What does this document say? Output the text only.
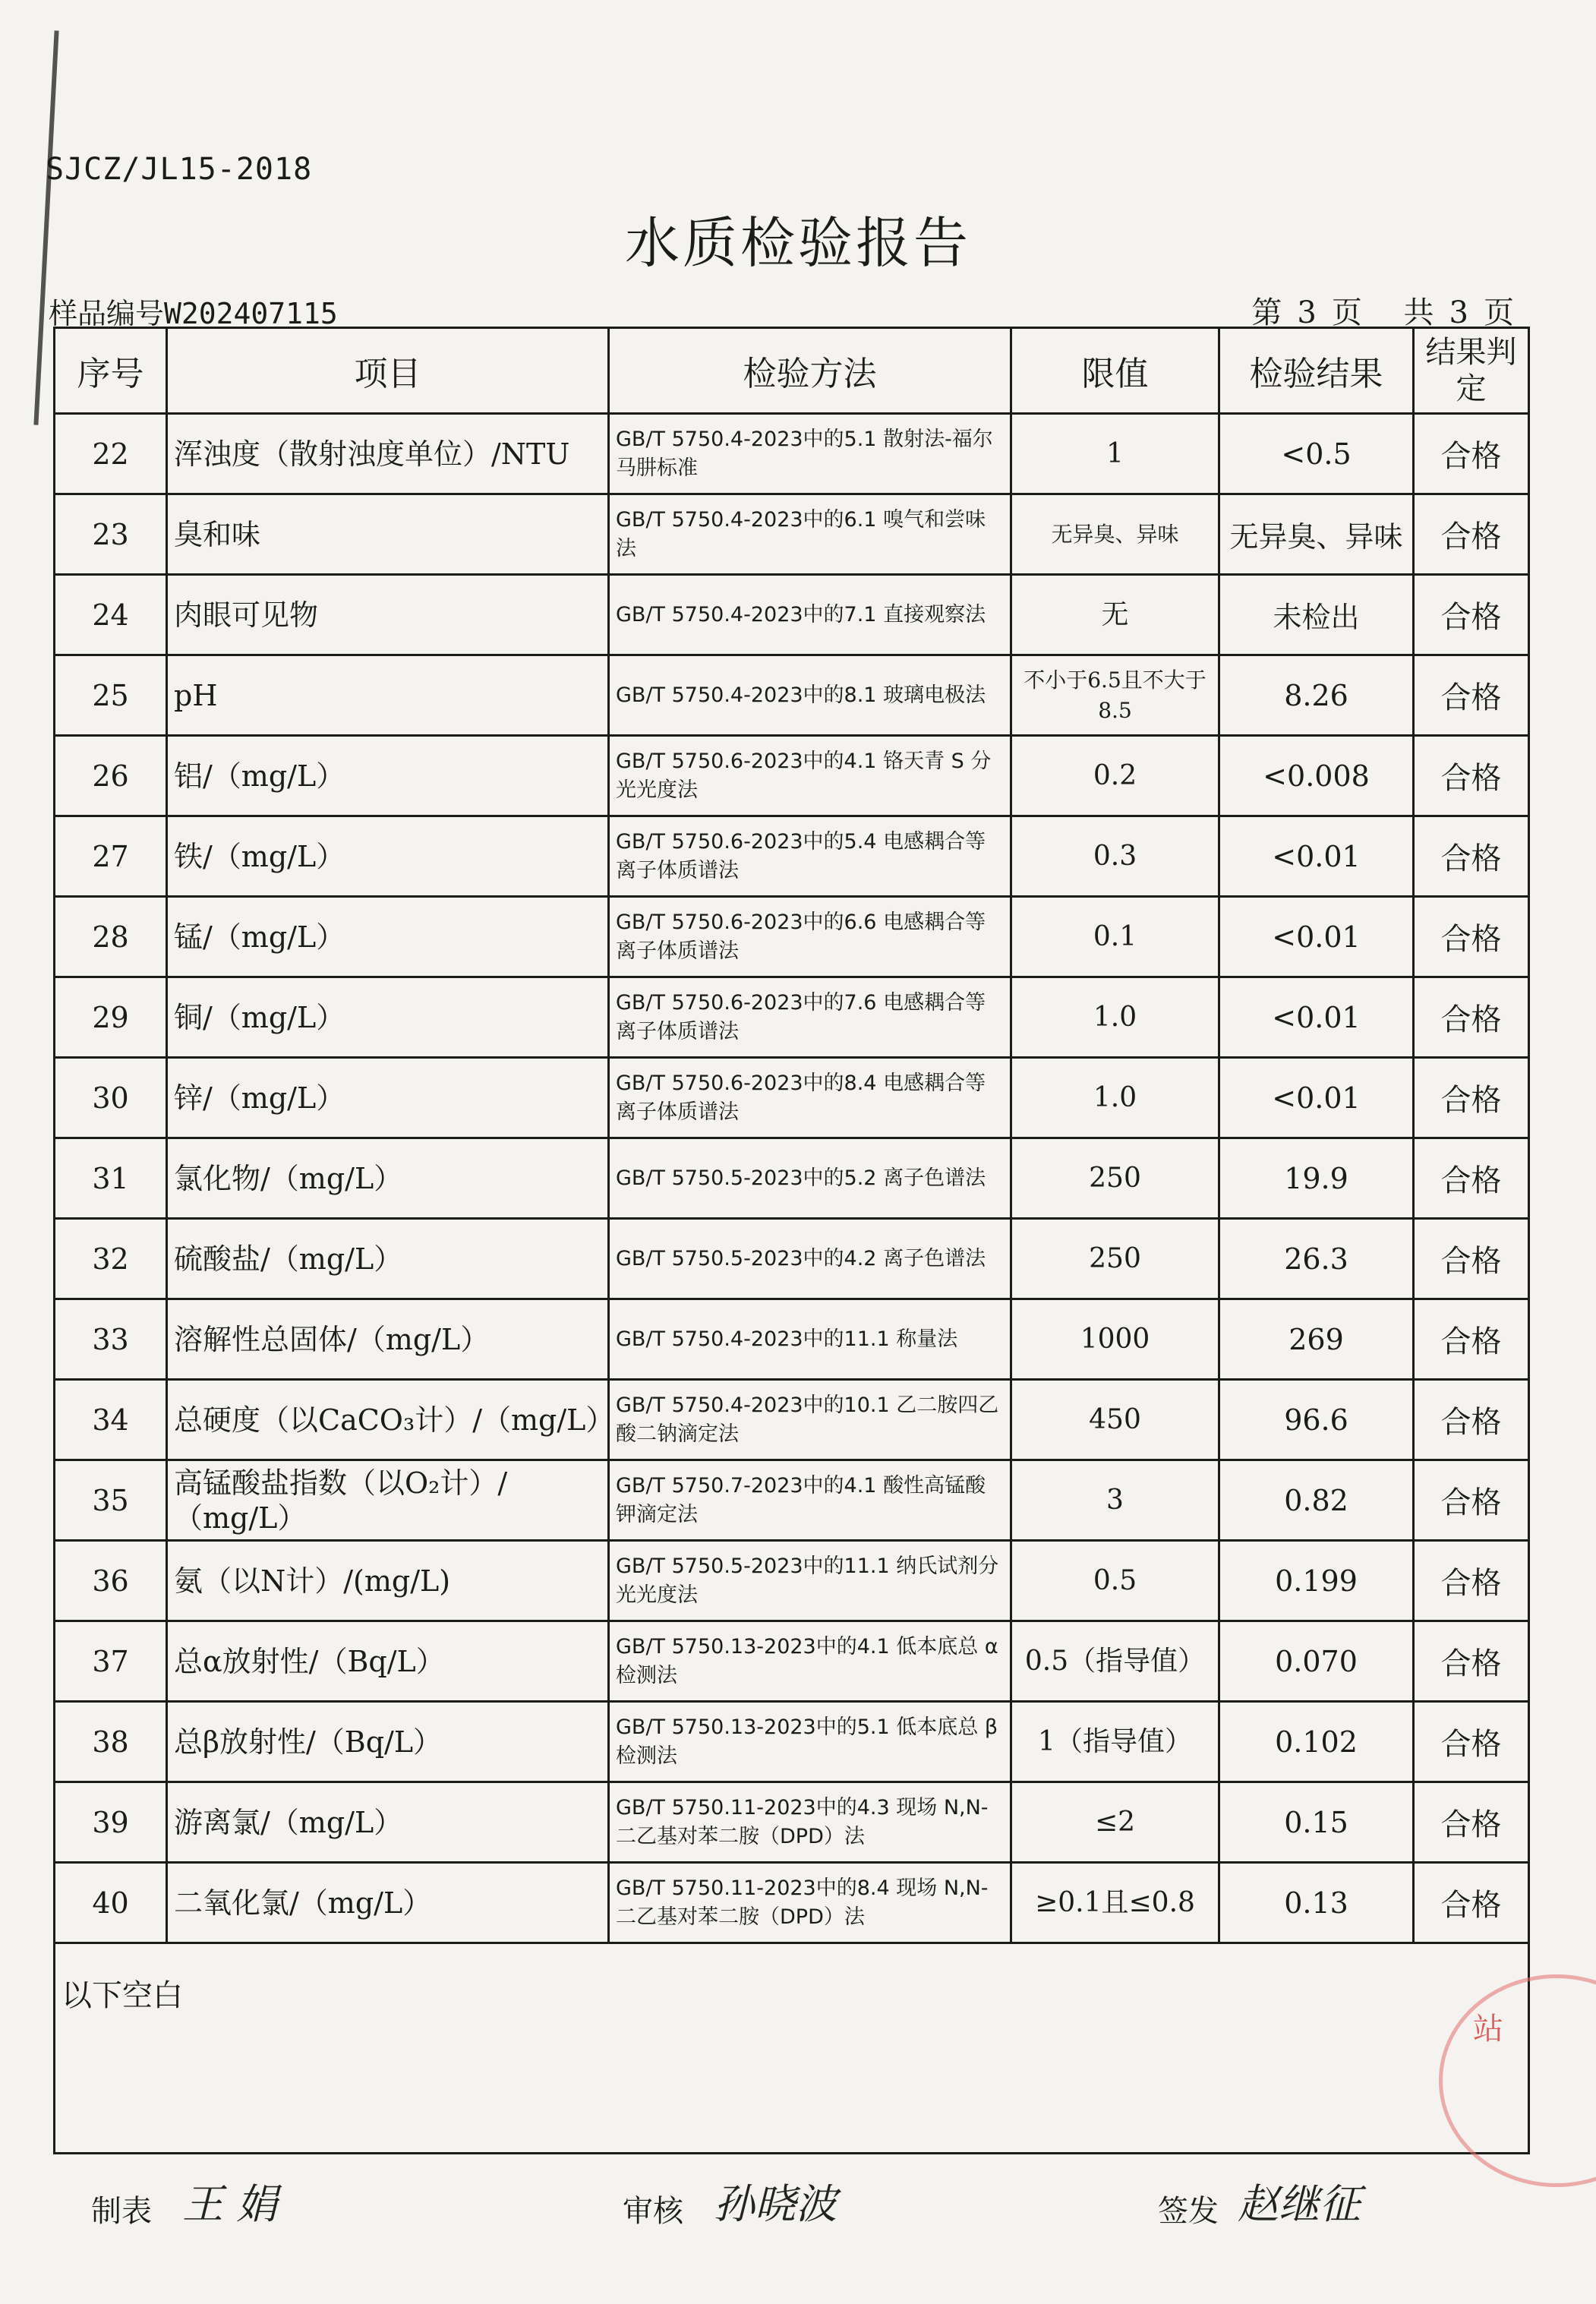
SJCZ/JL15-2018
水质检验报告
样品编号W202407115	第 3 页 共 3 页
序号	项目	检验方法	限值	检验结果	结果判定
22	浑浊度（散射浊度单位）/NTU	GB/T 5750.4-2023中的5.1 散射法-福尔马肼标准	1	<0.5	合格
23	臭和味	GB/T 5750.4-2023中的6.1 嗅气和尝味法	无异臭、异味	无异臭、异味	合格
24	肉眼可见物	GB/T 5750.4-2023中的7.1 直接观察法	无	未检出	合格
25	pH	GB/T 5750.4-2023中的8.1 玻璃电极法	不小于6.5且不大于8.5	8.26	合格
26	铝/（mg/L）	GB/T 5750.6-2023中的4.1 铬天青 S 分光光度法	0.2	<0.008	合格
27	铁/（mg/L）	GB/T 5750.6-2023中的5.4 电感耦合等离子体质谱法	0.3	<0.01	合格
28	锰/（mg/L）	GB/T 5750.6-2023中的6.6 电感耦合等离子体质谱法	0.1	<0.01	合格
29	铜/（mg/L）	GB/T 5750.6-2023中的7.6 电感耦合等离子体质谱法	1.0	<0.01	合格
30	锌/（mg/L）	GB/T 5750.6-2023中的8.4 电感耦合等离子体质谱法	1.0	<0.01	合格
31	氯化物/（mg/L）	GB/T 5750.5-2023中的5.2 离子色谱法	250	19.9	合格
32	硫酸盐/（mg/L）	GB/T 5750.5-2023中的4.2 离子色谱法	250	26.3	合格
33	溶解性总固体/（mg/L）	GB/T 5750.4-2023中的11.1 称量法	1000	269	合格
34	总硬度（以CaCO₃计）/（mg/L）	GB/T 5750.4-2023中的10.1 乙二胺四乙酸二钠滴定法	450	96.6	合格
35	高锰酸盐指数（以O₂计）/（mg/L）	GB/T 5750.7-2023中的4.1 酸性高锰酸钾滴定法	3	0.82	合格
36	氨（以N计）/(mg/L)	GB/T 5750.5-2023中的11.1 纳氏试剂分光光度法	0.5	0.199	合格
37	总α放射性/（Bq/L）	GB/T 5750.13-2023中的4.1 低本底总 α 检测法	0.5（指导值）	0.070	合格
38	总β放射性/（Bq/L）	GB/T 5750.13-2023中的5.1 低本底总 β 检测法	1（指导值）	0.102	合格
39	游离氯/（mg/L）	GB/T 5750.11-2023中的4.3 现场 N,N-二乙基对苯二胺（DPD）法	≤2	0.15	合格
40	二氧化氯/（mg/L）	GB/T 5750.11-2023中的8.4 现场 N,N-二乙基对苯二胺（DPD）法	≥0.1且≤0.8	0.13	合格
以下空白					
站
制表 王 娟	审核 孙晓波	签发 赵继征
